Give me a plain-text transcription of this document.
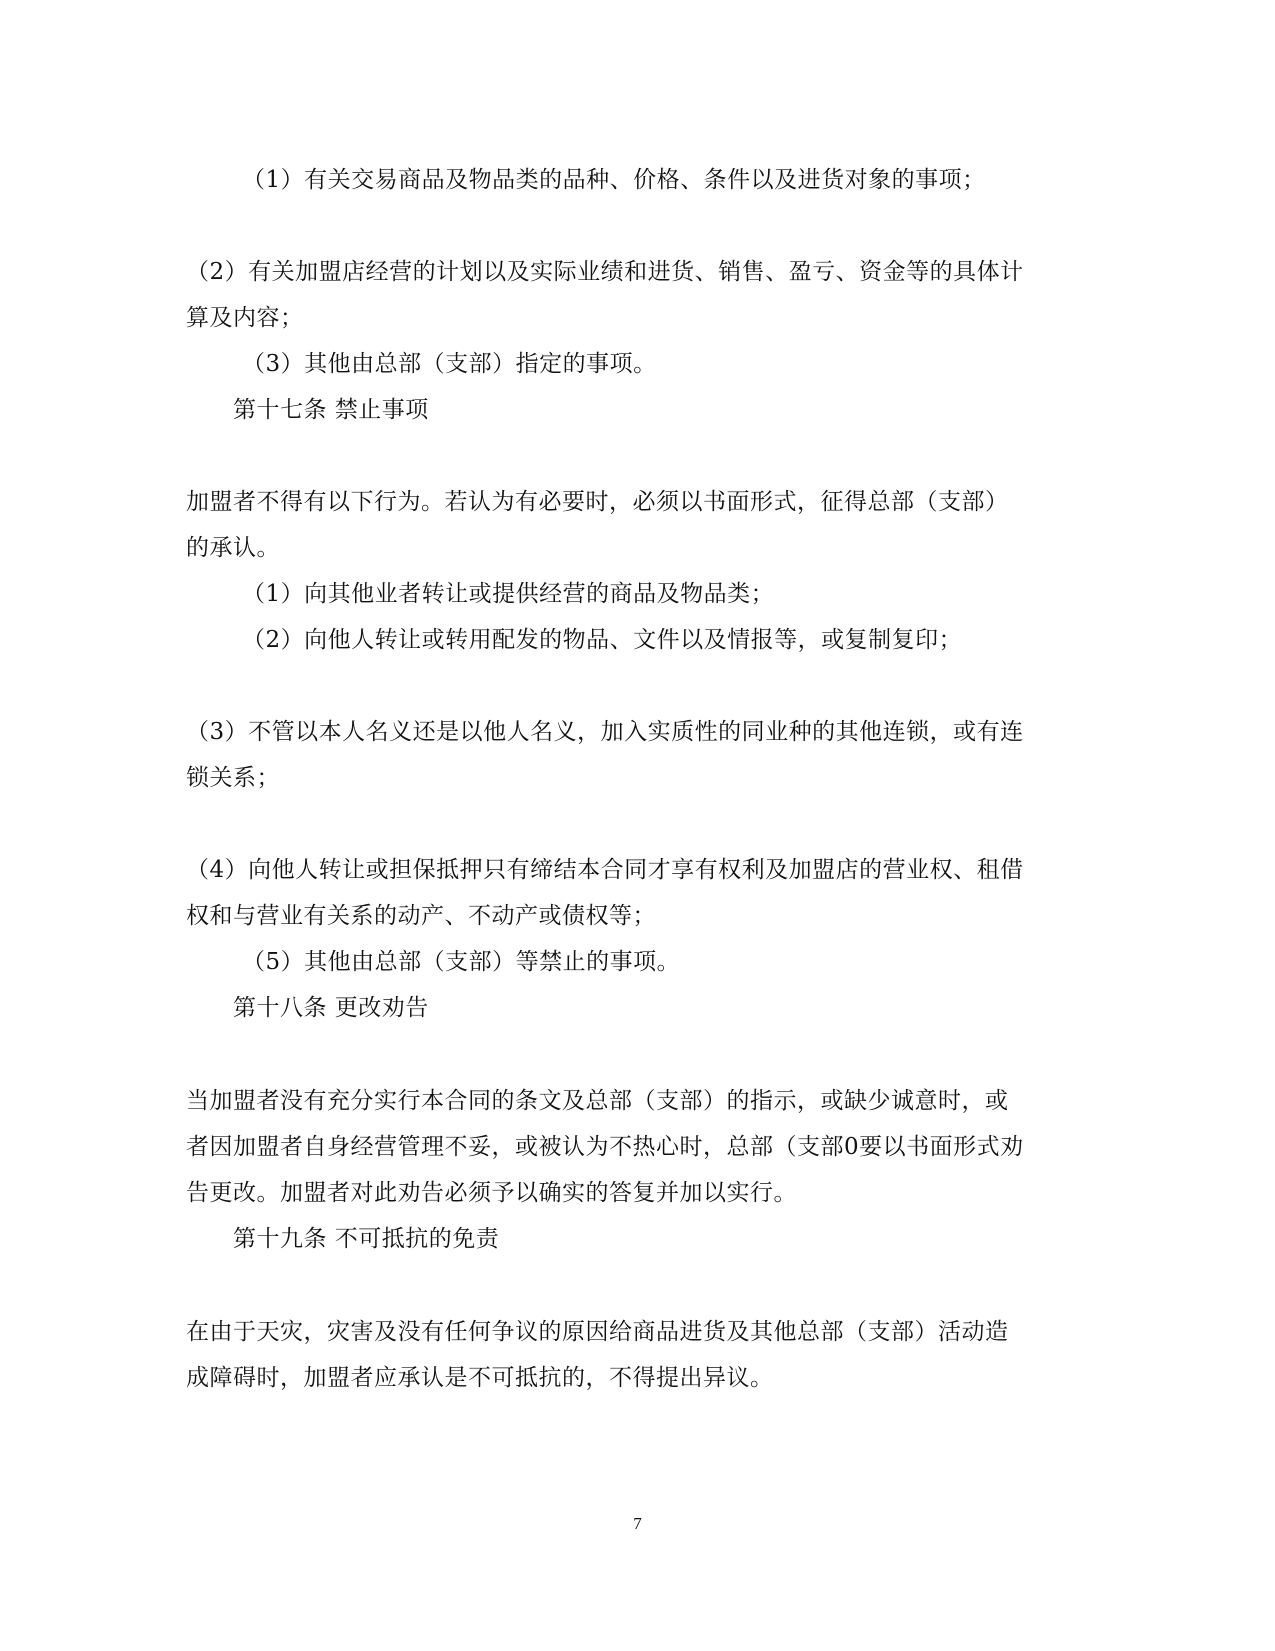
（1）有关交易商品及物品类的品种、价格、条件以及进货对象的事项；
（2）有关加盟店经营的计划以及实际业绩和进货、销售、盈亏、资金等的具体计
算及内容；
（3）其他由总部（支部）指定的事项。
第十七条 禁止事项
加盟者不得有以下行为。若认为有必要时，必须以书面形式，征得总部（支部）
的承认。
（1）向其他业者转让或提供经营的商品及物品类；
（2）向他人转让或转用配发的物品、文件以及情报等，或复制复印；
（3）不管以本人名义还是以他人名义，加入实质性的同业种的其他连锁，或有连
锁关系；
（4）向他人转让或担保抵押只有缔结本合同才享有权利及加盟店的营业权、租借
权和与营业有关系的动产、不动产或债权等；
（5）其他由总部（支部）等禁止的事项。
第十八条 更改劝告
当加盟者没有充分实行本合同的条文及总部（支部）的指示，或缺少诚意时，或
者因加盟者自身经营管理不妥，或被认为不热心时，总部（支部0要以书面形式劝
告更改。加盟者对此劝告必须予以确实的答复并加以实行。
第十九条 不可抵抗的免责
在由于天灾，灾害及没有任何争议的原因给商品进货及其他总部（支部）活动造
成障碍时，加盟者应承认是不可抵抗的，不得提出异议。
7
